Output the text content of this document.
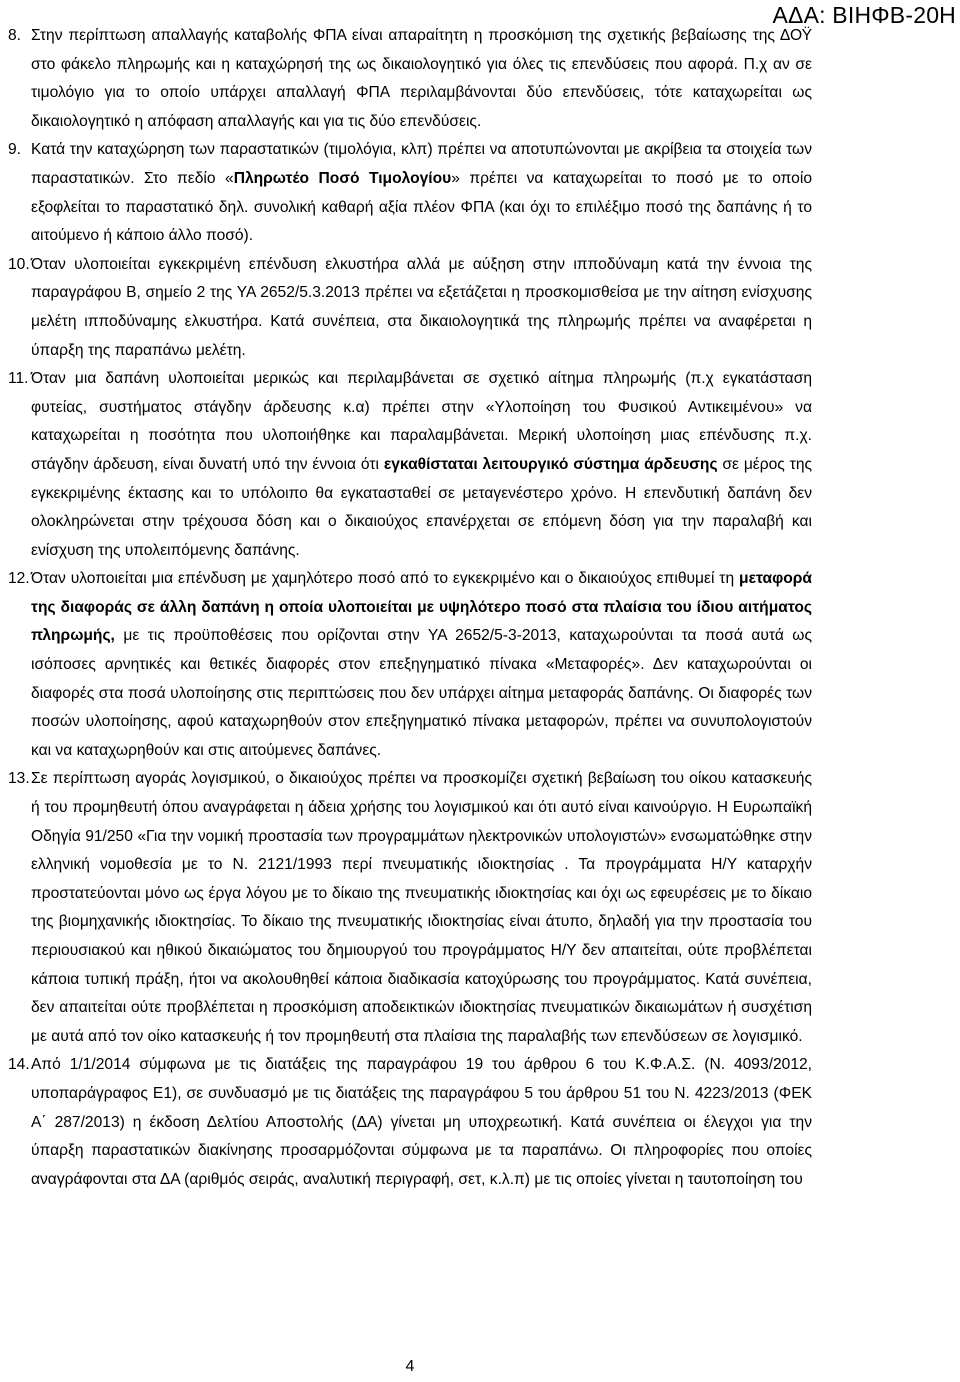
ΑΔΑ: ΒΙΗΦΒ-20Η
8. Στην περίπτωση απαλλαγής καταβολής ΦΠΑ είναι απαραίτητη η προσκόμιση της σχετικής βεβαίωσης της ΔΟΫ στο φάκελο πληρωμής και η καταχώρησή της ως δικαιολογητικό για όλες τις επενδύσεις που αφορά. Π.χ αν σε τιμολόγιο για το οποίο υπάρχει απαλλαγή ΦΠΑ περιλαμβάνονται δύο επενδύσεις, τότε καταχωρείται ως δικαιολογητικό η απόφαση απαλλαγής και για τις δύο επενδύσεις.

9. Κατά την καταχώρηση των παραστατικών (τιμολόγια, κλπ) πρέπει να αποτυπώνονται με ακρίβεια τα στοιχεία των παραστατικών. Στο πεδίο «Πληρωτέο Ποσό Τιμολογίου» πρέπει να καταχωρείται το ποσό με το οποίο εξοφλείται το παραστατικό δηλ. συνολική καθαρή αξία πλέον ΦΠΑ (και όχι το επιλέξιμο ποσό της δαπάνης ή το αιτούμενο ή κάποιο άλλο ποσό).

10. Όταν υλοποιείται εγκεκριμένη επένδυση ελκυστήρα αλλά με αύξηση στην ιπποδύναμη κατά την έννοια της παραγράφου Β, σημείο 2 της ΥΑ 2652/5.3.2013 πρέπει να εξετάζεται η προσκομισθείσα με την αίτηση ενίσχυσης μελέτη ιπποδύναμης ελκυστήρα. Κατά συνέπεια, στα δικαιολογητικά της πληρωμής πρέπει να αναφέρεται η ύπαρξη της παραπάνω μελέτη.

11. Όταν μια δαπάνη υλοποιείται μερικώς και περιλαμβάνεται σε σχετικό αίτημα πληρωμής (π.χ εγκατάσταση φυτείας, συστήματος στάγδην άρδευσης κ.α) πρέπει στην «Υλοποίηση του Φυσικού Αντικειμένου» να καταχωρείται η ποσότητα που υλοποιήθηκε και παραλαμβάνεται. Μερική υλοποίηση μιας επένδυσης π.χ. στάγδην άρδευση, είναι δυνατή υπό την έννοια ότι εγκαθίσταται λειτουργικό σύστημα άρδευσης σε μέρος της εγκεκριμένης έκτασης και το υπόλοιπο θα εγκατασταθεί σε μεταγενέστερο χρόνο. Η επενδυτική δαπάνη δεν ολοκληρώνεται στην τρέχουσα δόση και ο δικαιούχος επανέρχεται σε επόμενη δόση για την παραλαβή και ενίσχυση της υπολειπόμενης δαπάνης.

12. Όταν υλοποιείται μια επένδυση με χαμηλότερο ποσό από το εγκεκριμένο και ο δικαιούχος επιθυμεί τη μεταφορά της διαφοράς σε άλλη δαπάνη η οποία υλοποιείται με υψηλότερο ποσό στα πλαίσια του ίδιου αιτήματος πληρωμής, με τις προϋποθέσεις που ορίζονται στην ΥΑ 2652/5-3-2013, καταχωρούνται τα ποσά αυτά ως ισόποσες αρνητικές και θετικές διαφορές στον επεξηγηματικό πίνακα «Μεταφορές». Δεν καταχωρούνται οι διαφορές στα ποσά υλοποίησης στις περιπτώσεις που δεν υπάρχει αίτημα μεταφοράς δαπάνης. Οι διαφορές των ποσών υλοποίησης, αφού καταχωρηθούν στον επεξηγηματικό πίνακα μεταφορών, πρέπει να συνυπολογιστούν και να καταχωρηθούν και στις αιτούμενες δαπάνες.

13. Σε περίπτωση αγοράς λογισμικού, ο δικαιούχος πρέπει να προσκομίζει σχετική βεβαίωση του οίκου κατασκευής ή του προμηθευτή όπου αναγράφεται η άδεια χρήσης του λογισμικού και ότι αυτό είναι καινούργιο. Η Ευρωπαϊκή Οδηγία 91/250 «Για την νομική προστασία των προγραμμάτων ηλεκτρονικών υπολογιστών» ενσωματώθηκε στην ελληνική νομοθεσία με το Ν. 2121/1993 περί πνευματικής ιδιοκτησίας . Τα προγράμματα Η/Υ καταρχήν προστατεύονται μόνο ως έργα λόγου με το δίκαιο της πνευματικής ιδιοκτησίας και όχι ως εφευρέσεις με το δίκαιο της βιομηχανικής ιδιοκτησίας. Το δίκαιο της πνευματικής ιδιοκτησίας είναι άτυπο, δηλαδή για την προστασία του περιουσιακού και ηθικού δικαιώματος του δημιουργού του προγράμματος Η/Υ δεν απαιτείται, ούτε προβλέπεται κάποια τυπική πράξη, ήτοι να ακολουθηθεί κάποια διαδικασία κατοχύρωσης του προγράμματος. Κατά συνέπεια, δεν απαιτείται ούτε προβλέπεται η προσκόμιση αποδεικτικών ιδιοκτησίας πνευματικών δικαιωμάτων ή συσχέτιση με αυτά από τον οίκο κατασκευής ή τον προμηθευτή στα πλαίσια της παραλαβής των επενδύσεων σε λογισμικό.

14. Από 1/1/2014 σύμφωνα με τις διατάξεις της παραγράφου 19 του άρθρου 6 του Κ.Φ.Α.Σ. (Ν. 4093/2012, υποπαράγραφος Ε1), σε συνδυασμό με τις διατάξεις της παραγράφου 5 του άρθρου 51 του Ν. 4223/2013 (ΦΕΚ Α΄ 287/2013) η έκδοση Δελτίου Αποστολής (ΔΑ) γίνεται μη υποχρεωτική. Κατά συνέπεια οι έλεγχοι για την ύπαρξη παραστατικών διακίνησης προσαρμόζονται σύμφωνα με τα παραπάνω. Οι πληροφορίες που οποίες αναγράφονται στα ΔΑ (αριθμός σειράς, αναλυτική περιγραφή, σετ, κ.λ.π) με τις οποίες γίνεται η ταυτοποίηση του

4
